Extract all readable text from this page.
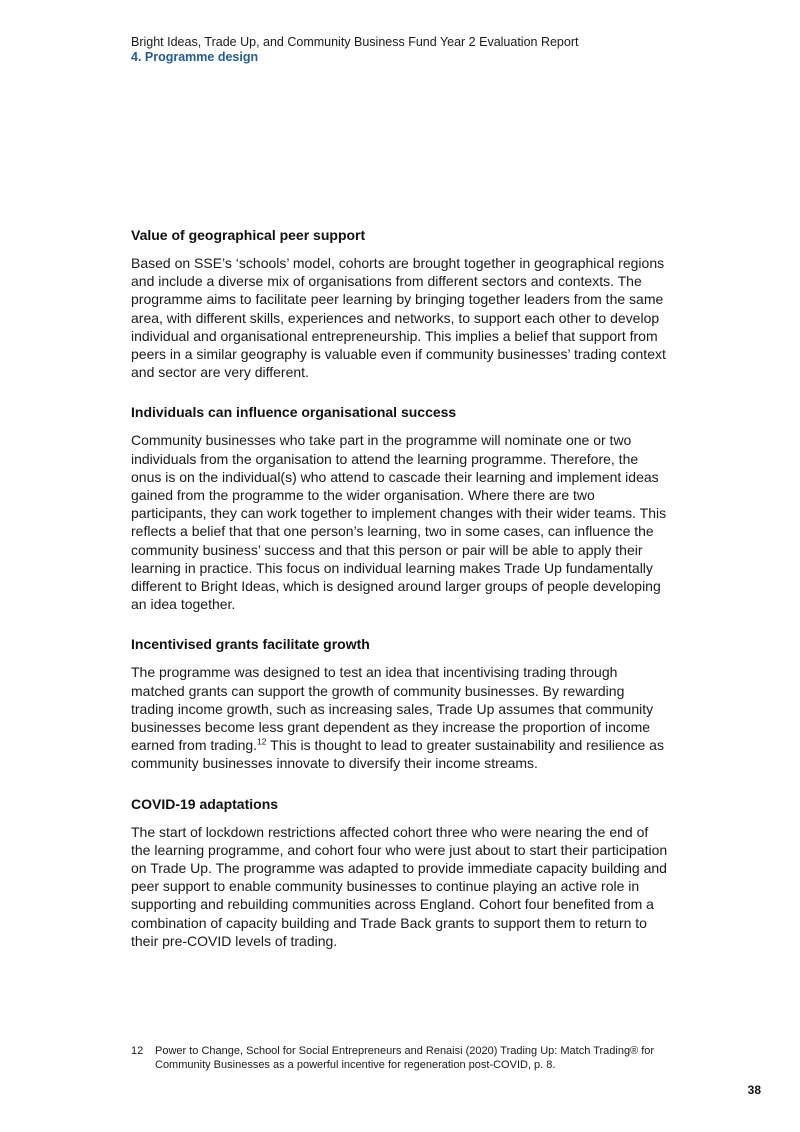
Bright Ideas, Trade Up, and Community Business Fund Year 2 Evaluation Report

4. Programme design

Value of geographical peer support

Based on SSE’s ‘schools’ model, cohorts are brought together in geographical regions and include a diverse mix of organisations from different sectors and contexts. The programme aims to facilitate peer learning by bringing together leaders from the same area, with different skills, experiences and networks, to support each other to develop individual and organisational entrepreneurship. This implies a belief that support from peers in a similar geography is valuable even if community businesses’ trading context and sector are very different.

Individuals can influence organisational success

Community businesses who take part in the programme will nominate one or two individuals from the organisation to attend the learning programme. Therefore, the onus is on the individual(s) who attend to cascade their learning and implement ideas gained from the programme to the wider organisation. Where there are two participants, they can work together to implement changes with their wider teams. This reflects a belief that that one person’s learning, two in some cases, can influence the community business’ success and that this person or pair will be able to apply their learning in practice. This focus on individual learning makes Trade Up fundamentally different to Bright Ideas, which is designed around larger groups of people developing an idea together.

Incentivised grants facilitate growth

The programme was designed to test an idea that incentivising trading through matched grants can support the growth of community businesses. By rewarding trading income growth, such as increasing sales, Trade Up assumes that community businesses become less grant dependent as they increase the proportion of income earned from trading.$^{12}$ This is thought to lead to greater sustainability and resilience as community businesses innovate to diversify their income streams.

COVID-19 adaptations

The start of lockdown restrictions affected cohort three who were nearing the end of the learning programme, and cohort four who were just about to start their participation on Trade Up. The programme was adapted to provide immediate capacity building and peer support to enable community businesses to continue playing an active role in supporting and rebuilding communities across England. Cohort four benefited from a combination of capacity building and Trade Back grants to support them to return to their pre-COVID levels of trading.

12	Power to Change, School for Social Entrepreneurs and Renaisi (2020) Trading Up: Match Trading® for Community Businesses as a powerful incentive for regeneration post-COVID, p. 8.
38
